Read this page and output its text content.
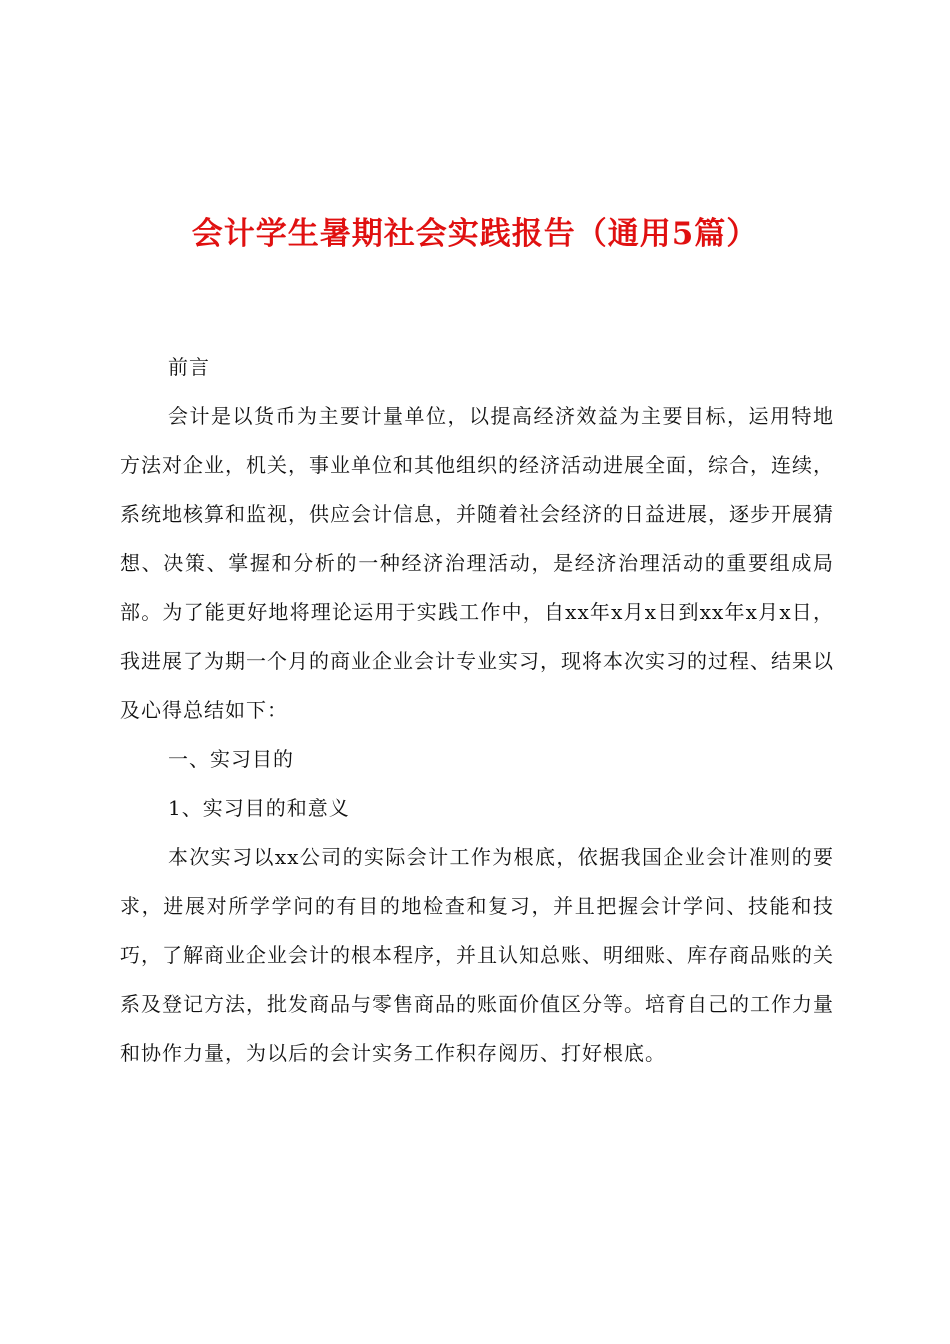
会计学生暑期社会实践报告（通用5篇）

前言

会计是以货币为主要计量单位，以提高经济效益为主要目标，运用特地方法对企业，机关，事业单位和其他组织的经济活动进展全面，综合，连续，系统地核算和监视，供应会计信息，并随着社会经济的日益进展，逐步开展猜想、决策、掌握和分析的一种经济治理活动，是经济治理活动的重要组成局部。为了能更好地将理论运用于实践工作中，自xx年x月x日到xx年x月x日，我进展了为期一个月的商业企业会计专业实习，现将本次实习的过程、结果以及心得总结如下：

一、实习目的

1、实习目的和意义

本次实习以xx公司的实际会计工作为根底，依据我国企业会计准则的要求，进展对所学学问的有目的地检查和复习，并且把握会计学问、技能和技巧，了解商业企业会计的根本程序，并且认知总账、明细账、库存商品账的关系及登记方法，批发商品与零售商品的账面价值区分等。培育自己的工作力量和协作力量，为以后的会计实务工作积存阅历、打好根底。
